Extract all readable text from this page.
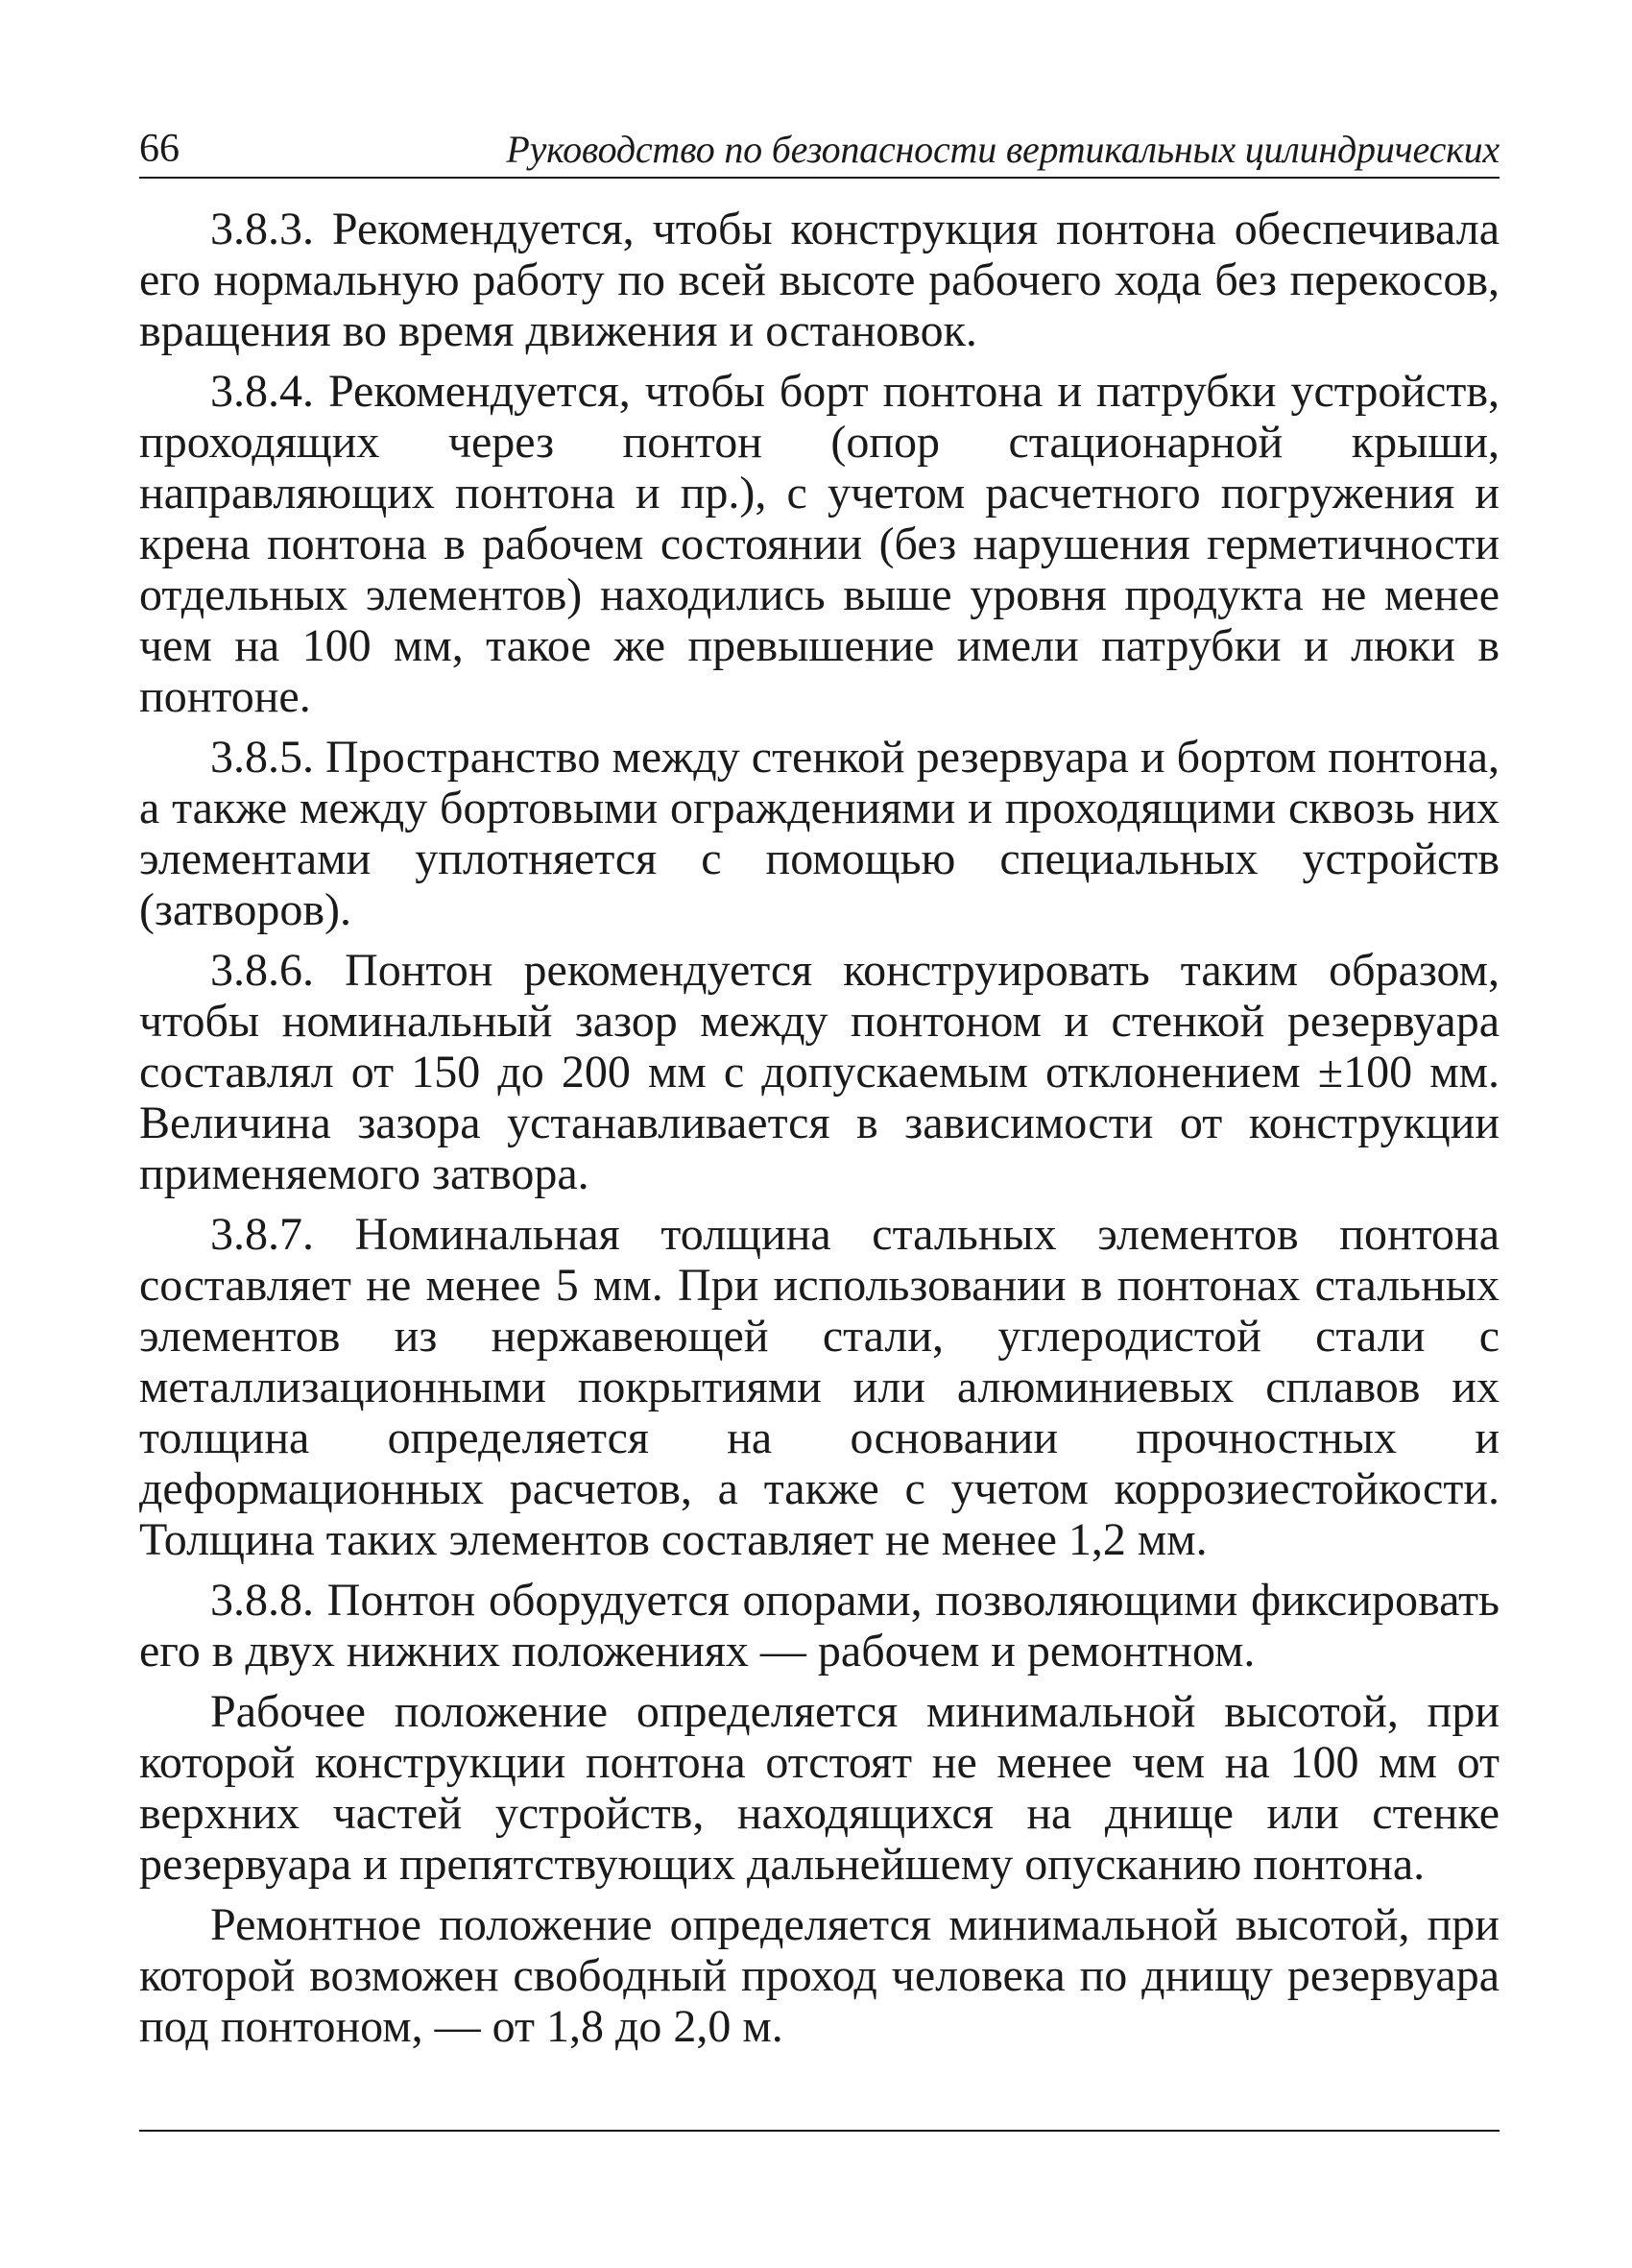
66	Руководство по безопасности вертикальных цилиндрических

3.8.3. Рекомендуется, чтобы конструкция понтона обеспечивала его нормальную работу по всей высоте рабочего хода без перекосов, вращения во время движения и остановок.

3.8.4. Рекомендуется, чтобы борт понтона и патрубки устройств, проходящих через понтон (опор стационарной крыши, направляющих понтона и пр.), с учетом расчетного погружения и крена понтона в рабочем состоянии (без нарушения герметичности отдельных элементов) находились выше уровня продукта не менее чем на 100 мм, такое же превышение имели патрубки и люки в понтоне.

3.8.5. Пространство между стенкой резервуара и бортом понтона, а также между бортовыми ограждениями и проходящими сквозь них элементами уплотняется с помощью специальных устройств (затворов).

3.8.6. Понтон рекомендуется конструировать таким образом, чтобы номинальный зазор между понтоном и стенкой резервуара составлял от 150 до 200 мм с допускаемым отклонением ±100 мм. Величина зазора устанавливается в зависимости от конструкции применяемого затвора.

3.8.7. Номинальная толщина стальных элементов понтона составляет не менее 5 мм. При использовании в понтонах стальных элементов из нержавеющей стали, углеродистой стали с металлизационными покрытиями или алюминиевых сплавов их толщина определяется на основании прочностных и деформационных расчетов, а также с учетом коррозиестойкости. Толщина таких элементов составляет не менее 1,2 мм.

3.8.8. Понтон оборудуется опорами, позволяющими фиксировать его в двух нижних положениях — рабочем и ремонтном.

Рабочее положение определяется минимальной высотой, при которой конструкции понтона отстоят не менее чем на 100 мм от верхних частей устройств, находящихся на днище или стенке резервуара и препятствующих дальнейшему опусканию понтона.

Ремонтное положение определяется минимальной высотой, при которой возможен свободный проход человека по днищу резервуара под понтоном, — от 1,8 до 2,0 м.
